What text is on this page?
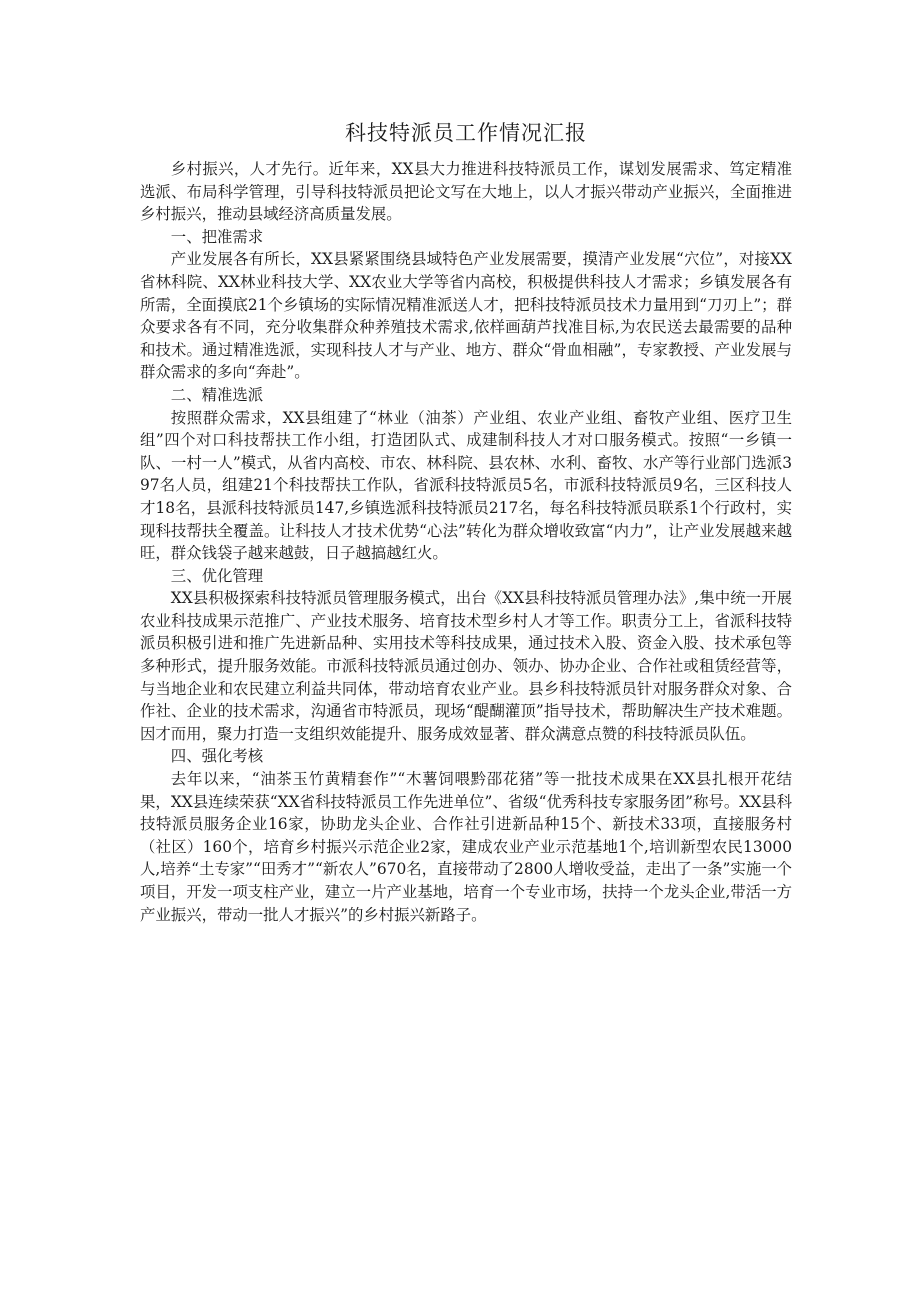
科技特派员工作情况汇报

乡村振兴，人才先行。近年来，XX县大力推进科技特派员工作，谋划发展需求、笃定精准选派、布局科学管理，引导科技特派员把论文写在大地上，以人才振兴带动产业振兴，全面推进乡村振兴，推动县域经济高质量发展。

一、把准需求

产业发展各有所长，XX县紧紧围绕县域特色产业发展需要，摸清产业发展“穴位”，对接XX省林科院、XX林业科技大学、XX农业大学等省内高校，积极提供科技人才需求；乡镇发展各有所需，全面摸底21个乡镇场的实际情况精准派送人才，把科技特派员技术力量用到“刀刃上”；群众要求各有不同，充分收集群众种养殖技术需求,依样画葫芦找准目标,为农民送去最需要的品种和技术。通过精准选派，实现科技人才与产业、地方、群众“骨血相融”，专家教授、产业发展与群众需求的多向“奔赴”。

二、精准选派

按照群众需求，XX县组建了“林业（油茶）产业组、农业产业组、畜牧产业组、医疗卫生组”四个对口科技帮扶工作小组，打造团队式、成建制科技人才对口服务模式。按照“一乡镇一队、一村一人”模式，从省内高校、市农、林科院、县农林、水利、畜牧、水产等行业部门选派397名人员，组建21个科技帮扶工作队，省派科技特派员5名，市派科技特派员9名，三区科技人才18名，县派科技特派员147,乡镇选派科技特派员217名，每名科技特派员联系1个行政村，实现科技帮扶全覆盖。让科技人才技术优势“心法”转化为群众增收致富“内力”，让产业发展越来越旺，群众钱袋子越来越鼓，日子越搞越红火。

三、优化管理

XX县积极探索科技特派员管理服务模式，出台《XX县科技特派员管理办法》,集中统一开展农业科技成果示范推广、产业技术服务、培育技术型乡村人才等工作。职责分工上，省派科技特派员积极引进和推广先进新品种、实用技术等科技成果，通过技术入股、资金入股、技术承包等多种形式，提升服务效能。市派科技特派员通过创办、领办、协办企业、合作社或租赁经营等，与当地企业和农民建立利益共同体，带动培育农业产业。县乡科技特派员针对服务群众对象、合作社、企业的技术需求，沟通省市特派员，现场“醍醐灌顶”指导技术，帮助解决生产技术难题。因才而用，聚力打造一支组织效能提升、服务成效显著、群众满意点赞的科技特派员队伍。

四、强化考核

去年以来，“油茶玉竹黄精套作”“木薯饲喂黔邵花猪”等一批技术成果在XX县扎根开花结果，XX县连续荣获“XX省科技特派员工作先进单位”、省级“优秀科技专家服务团”称号。XX县科技特派员服务企业16家，协助龙头企业、合作社引进新品种15个、新技术33项，直接服务村（社区）160个，培育乡村振兴示范企业2家，建成农业产业示范基地1个,培训新型农民13000人,培养“土专家”“田秀才”“新农人”670名，直接带动了2800人增收受益，走出了一条”实施一个项目，开发一项支柱产业，建立一片产业基地，培育一个专业市场，扶持一个龙头企业,带活一方产业振兴，带动一批人才振兴”的乡村振兴新路子。
